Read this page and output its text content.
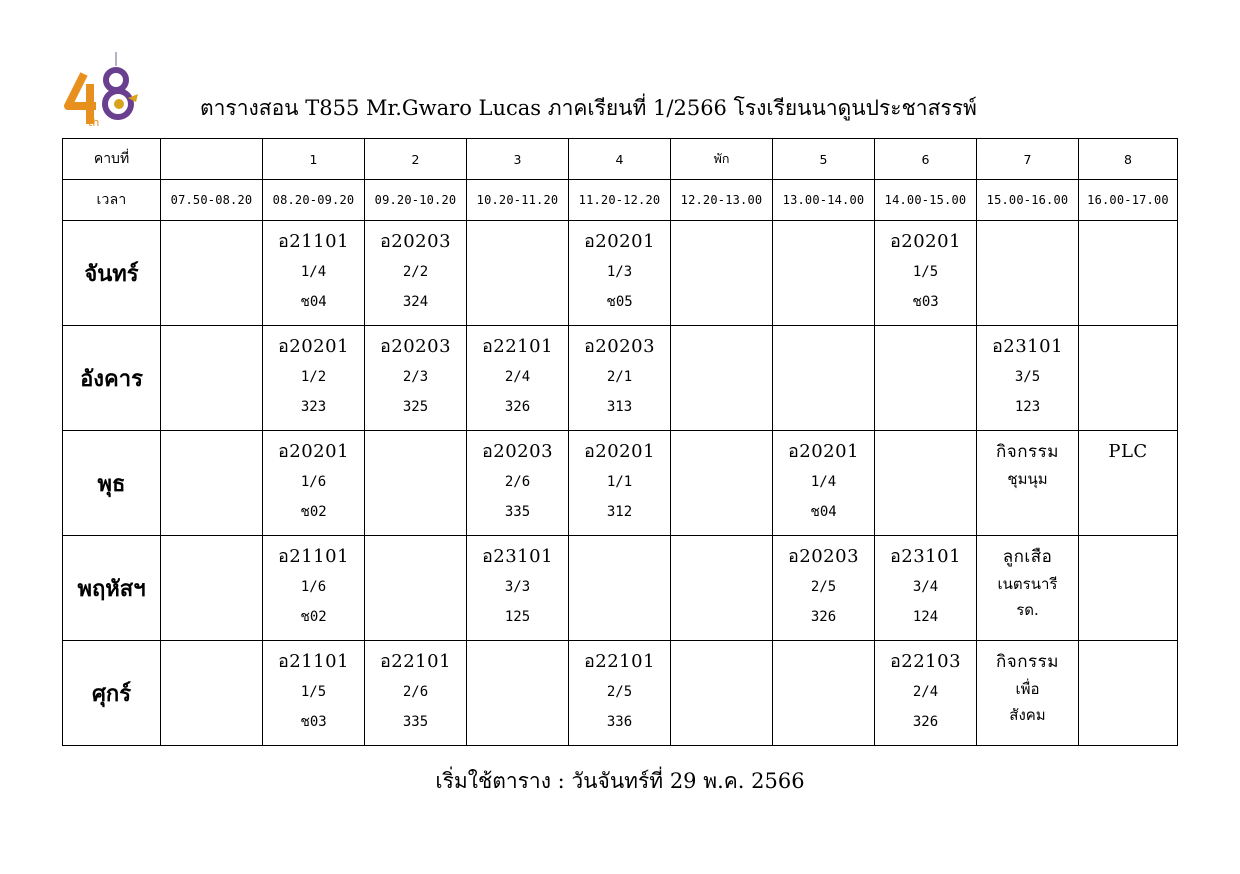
th
ตารางสอน T855 Mr.Gwaro Lucas ภาคเรียนที่ 1/2566 โรงเรียนนาดูนประชาสรรพ์
คาบที่		1	2	3	4	พัก	5	6	7	8
เวลา	07.50-08.20	08.20-09.20	09.20-10.20	10.20-11.20	11.20-12.20	12.20-13.00	13.00-14.00	14.00-15.00	15.00-16.00	16.00-17.00
จันทร์		อ21101
1/4
ช04	อ20203
2/2
324		อ20201
1/3
ช05			อ20201
1/5
ช03		

อังคาร		อ20201
1/2
323	อ20203
2/3
325	อ22101
2/4
326	อ20203
2/1
313				อ23101
3/5
123	

พุธ		อ20201
1/6
ช02		อ20203
2/6
335	อ20201
1/1
312		อ20201
1/4
ช04		กิจกรรม
ชุมนุม	PLC

พฤหัสฯ		อ21101
1/6
ช02		อ23101
3/3
125			อ20203
2/5
326	อ23101
3/4
124	ลูกเสือ
เนตรนารี
รด.	

ศุกร์		อ21101
1/5
ช03	อ22101
2/6
335		อ22101
2/5
336			อ22103
2/4
326	กิจกรรม
เพื่อ
สังคม	

เริ่มใช้ตาราง : วันจันทร์ที่ 29 พ.ค. 2566
